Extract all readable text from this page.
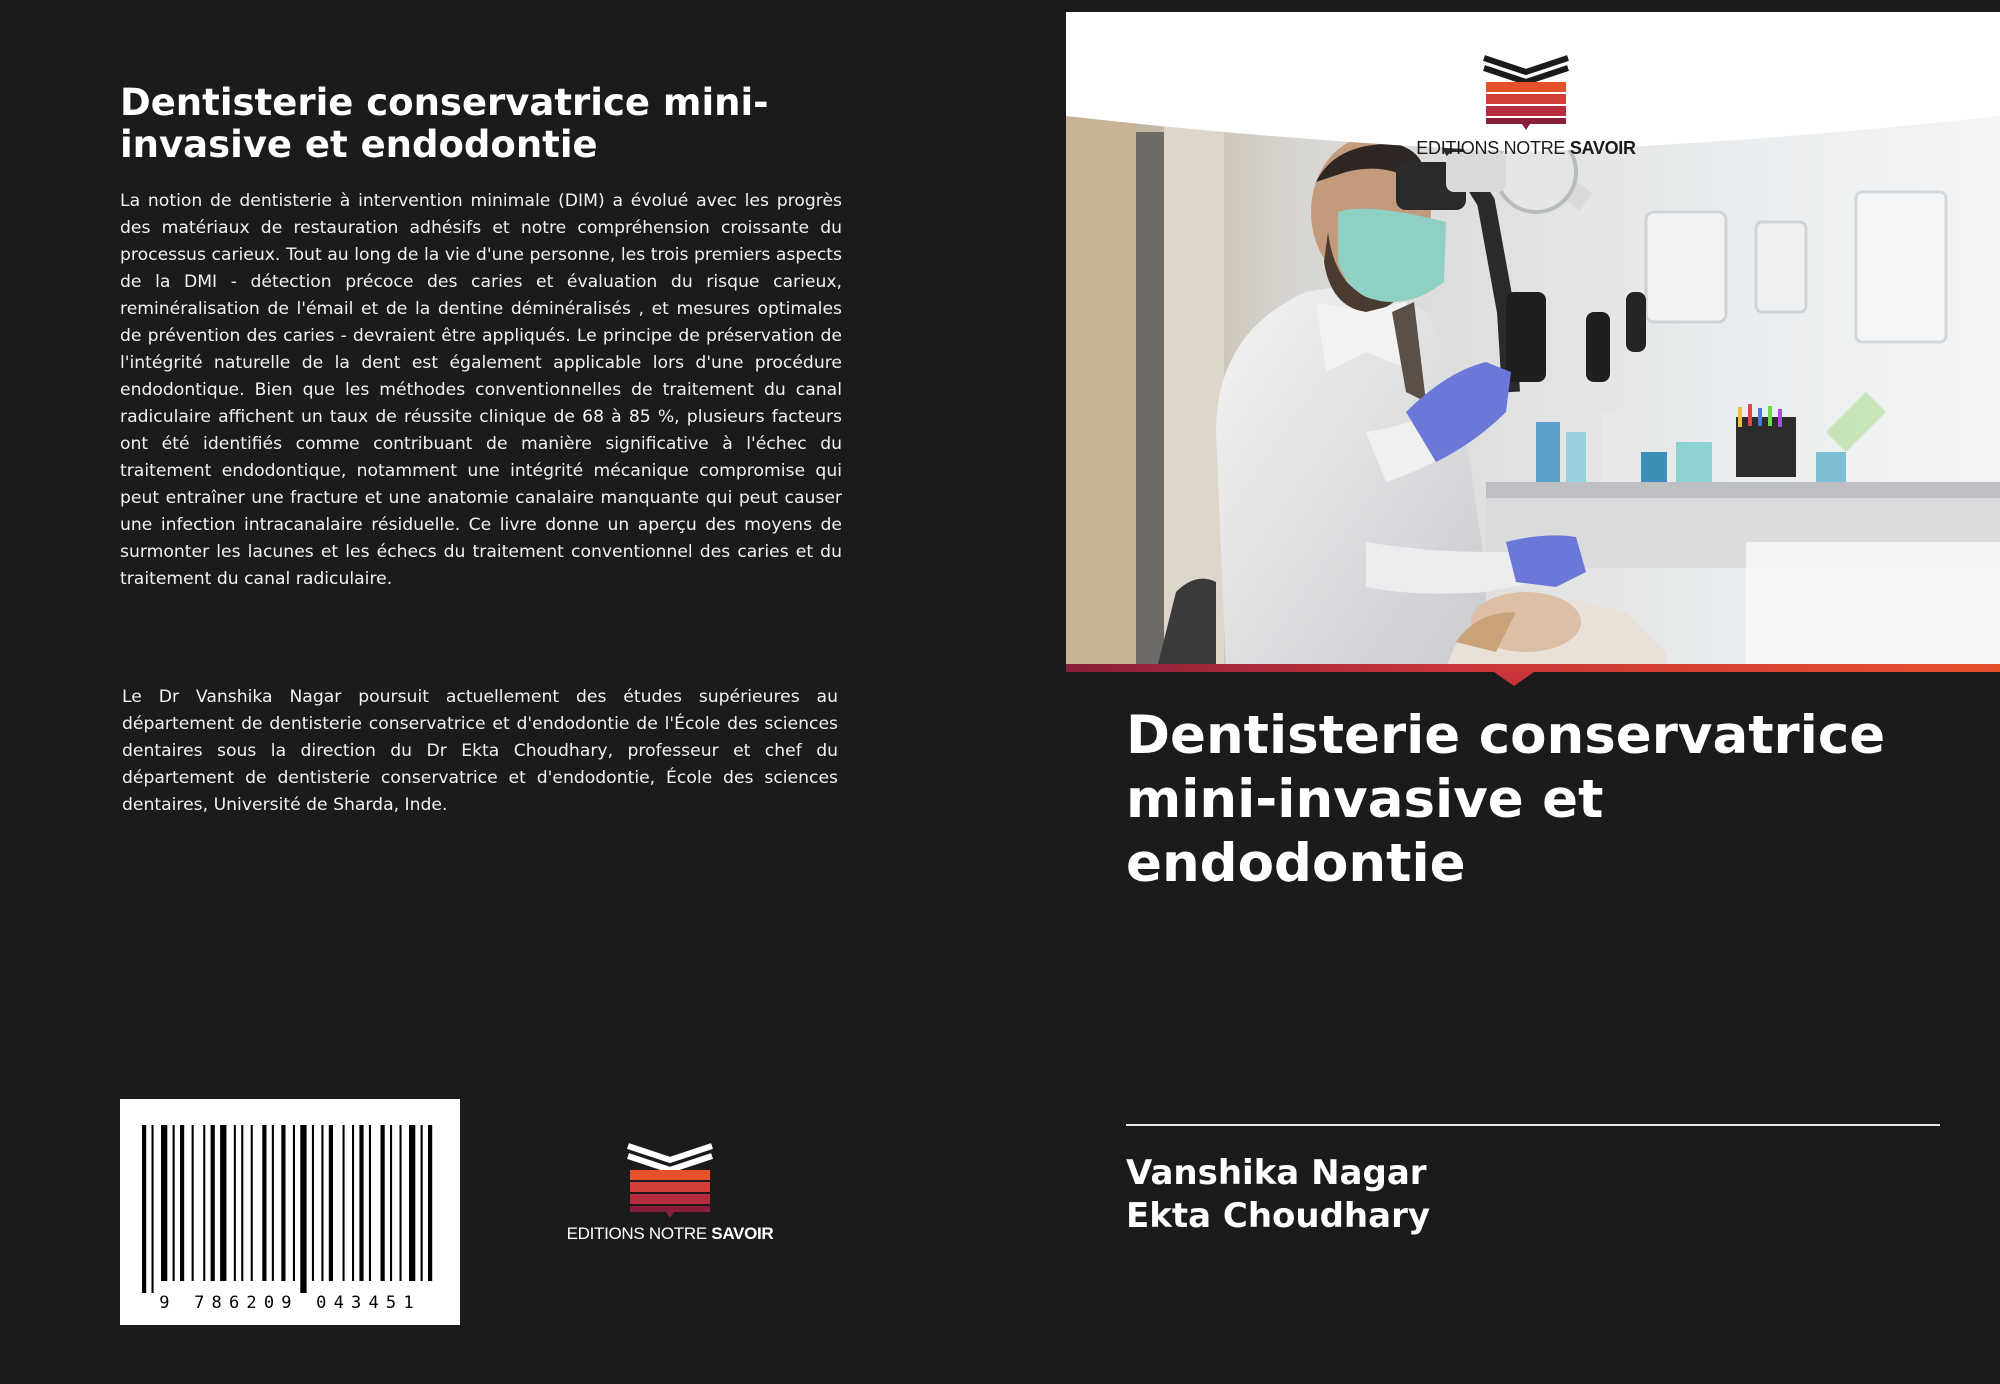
Dentisterie conservatrice mini-invasive et endodontie

La notion de dentisterie à intervention minimale (DIM) a évolué avec les progrès des matériaux de restauration adhésifs et notre compréhension croissante du processus carieux. Tout au long de la vie d'une personne, les trois premiers aspects de la DMI - détection précoce des caries et évaluation du risque carieux, reminéralisation de l'émail et de la dentine déminéralisés , et mesures optimales de prévention des caries - devraient être appliqués. Le principe de préservation de l'intégrité naturelle de la dent est également applicable lors d'une procédure endodontique. Bien que les méthodes conventionnelles de traitement du canal radiculaire affichent un taux de réussite clinique de 68 à 85 %, plusieurs facteurs ont été identifiés comme contribuant de manière significative à l'échec du traitement endodontique, notamment une intégrité mécanique compromise qui peut entraîner une fracture et une anatomie canalaire manquante qui peut causer une infection intracanalaire résiduelle. Ce livre donne un aperçu des moyens de surmonter les lacunes et les échecs du traitement conventionnel des caries et du traitement du canal radiculaire.

Le Dr Vanshika Nagar poursuit actuellement des études supérieures au département de dentisterie conservatrice et d'endodontie de l'École des sciences dentaires sous la direction du Dr Ekta Choudhary, professeur et chef du département de dentisterie conservatrice et d'endodontie, École des sciences dentaires, Université de Sharda, Inde.

9 786209 043451
EDITIONS NOTRE SAVOIR
EDITIONS NOTRE SAVOIR
Dentisterie conservatrice mini-invasive et endodontie
Vanshika Nagar
Ekta Choudhary
